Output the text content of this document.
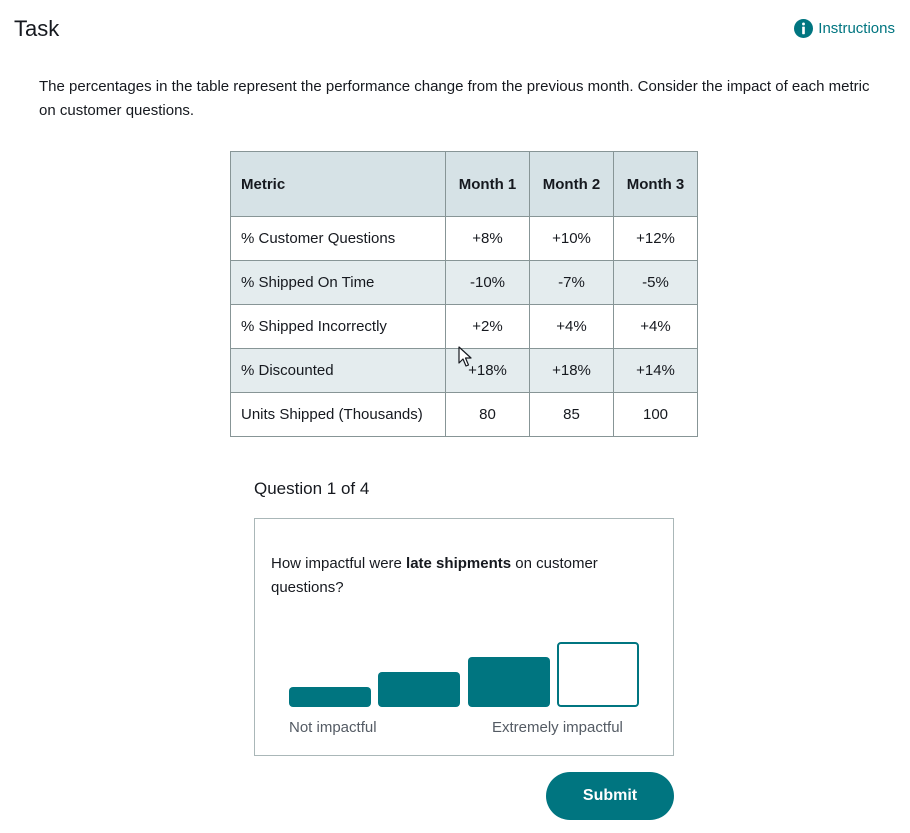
Task	Instructions

The percentages in the table represent the performance change from the previous month. Consider the impact of each metric on customer questions.

Metric	Month 1	Month 2	Month 3
% Customer Questions	+8%	+10%	+12%
% Shipped On Time	-10%	-7%	-5%
% Shipped Incorrectly	+2%	+4%	+4%
% Discounted	+18%	+18%	+14%
Units Shipped (Thousands)	80	85	100
Question 1 of 4

How impactful were late shipments on customer questions?

Not impactful	Extremely impactful

Submit
